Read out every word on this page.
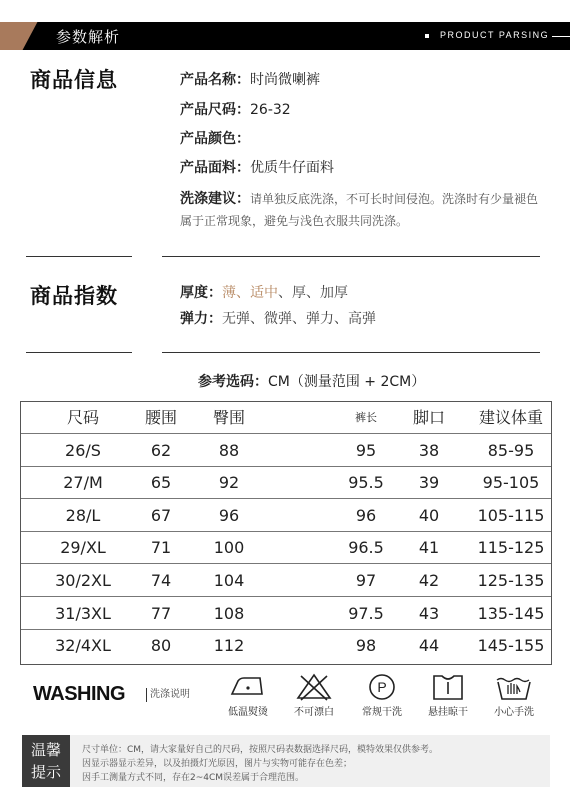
参数解析	PRODUCT PARSING
商品信息	产品名称：时尚微喇裤
产品尺码：26-32
产品颜色：
产品面料：优质牛仔面料
洗涤建议：请单独反底洗涤，不可长时间侵泡。洗涤时有少量褪色属于正常现象，避免与浅色衣服共同洗涤。
商品指数	厚度：薄、适中、厚、加厚
弹力：无弹、微弹、弹力、高弹
参考选码：CM（测量范围 + 2CM）
尺码	腰围	臀围	裤长	脚口	建议体重
26/S	62	88	95	38	85-95
27/M	65	92	95.5	39	95-105
28/L	67	96	96	40	105-115
29/XL	71	100	96.5	41	115-125
30/2XL	74	104	97	42	125-135
31/3XL	77	108	97.5	43	135-145
32/4XL	80	112	98	44	145-155
WASHING	洗涤说明
低温熨烫	不可漂白
P
常规干洗	悬挂晾干	小心手洗
温馨
提示
尺寸单位：CM，请大家量好自己的尺码，按照尺码表数据选择尺码，模特效果仅供参考。
因显示器显示差异，以及拍摄灯光原因，图片与实物可能存在色差；
因手工测量方式不同，存在2~4CM误差属于合理范围。
